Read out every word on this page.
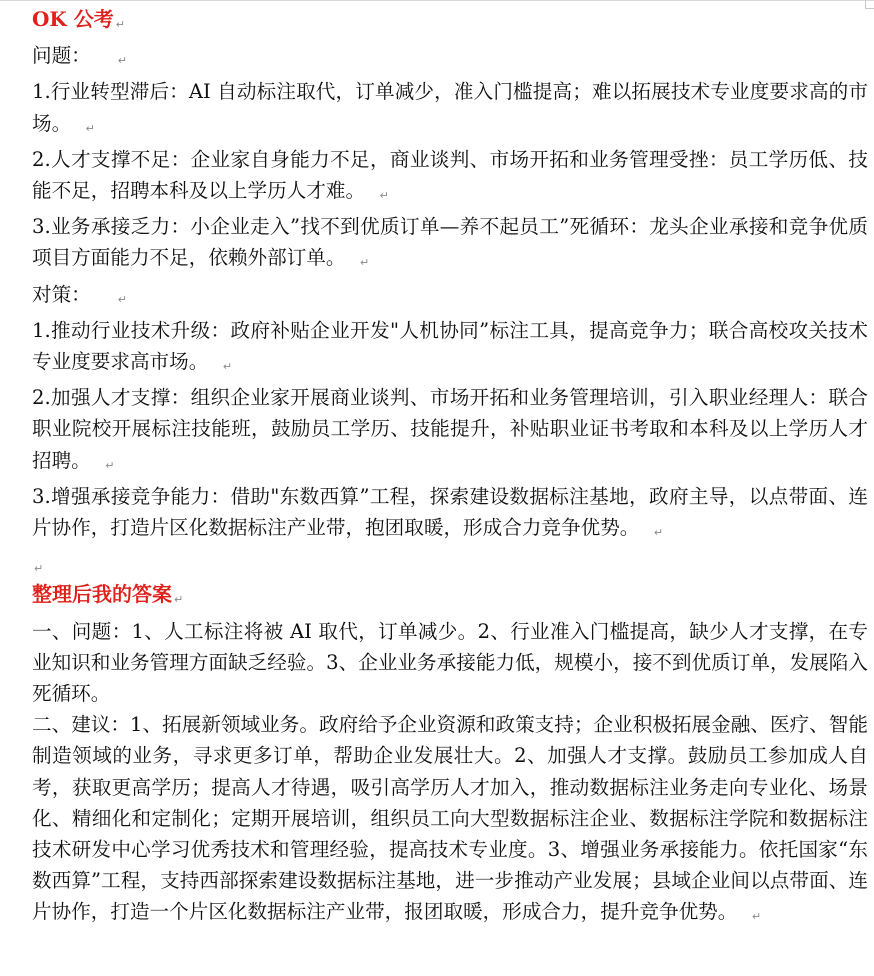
OK 公考 ↵

问题： ↵

1.行业转型滞后：AI 自动标注取代，订单减少，准入门槛提高；难以拓展技术专业度要求高的市场。 ↵

2.人才支撑不足：企业家自身能力不足，商业谈判、市场开拓和业务管理受挫：员工学历低、技能不足，招聘本科及以上学历人才难。 ↵

3.业务承接乏力：小企业走入”找不到优质订单—养不起员工”死循环：龙头企业承接和竞争优质项目方面能力不足，依赖外部订单。 ↵

对策： ↵

1.推动行业技术升级：政府补贴企业开发"人机协同”标注工具，提高竞争力；联合高校攻关技术专业度要求高市场。 ↵

2.加强人才支撑：组织企业家开展商业谈判、市场开拓和业务管理培训，引入职业经理人：联合职业院校开展标注技能班，鼓励员工学历、技能提升，补贴职业证书考取和本科及以上学历人才招聘。 ↵

3.增强承接竞争能力：借助"东数西算”工程，探索建设数据标注基地，政府主导，以点带面、连片协作，打造片区化数据标注产业带，抱团取暖，形成合力竞争优势。 ↵

↵

整理后我的答案 ↵

一、问题：1、人工标注将被 AI 取代，订单减少。2、行业准入门槛提高，缺少人才支撑，在专业知识和业务管理方面缺乏经验。3、企业业务承接能力低，规模小，接不到优质订单，发展陷入死循环。

二、建议：1、拓展新领域业务。政府给予企业资源和政策支持；企业积极拓展金融、医疗、智能制造领域的业务，寻求更多订单，帮助企业发展壮大。2、加强人才支撑。鼓励员工参加成人自考，获取更高学历；提高人才待遇，吸引高学历人才加入，推动数据标注业务走向专业化、场景化、精细化和定制化；定期开展培训，组织员工向大型数据标注企业、数据标注学院和数据标注技术研发中心学习优秀技术和管理经验，提高技术专业度。3、增强业务承接能力。依托国家“东数西算”工程，支持西部探索建设数据标注基地，进一步推动产业发展；县域企业间以点带面、连片协作，打造一个片区化数据标注产业带，报团取暖，形成合力，提升竞争优势。 ↵
